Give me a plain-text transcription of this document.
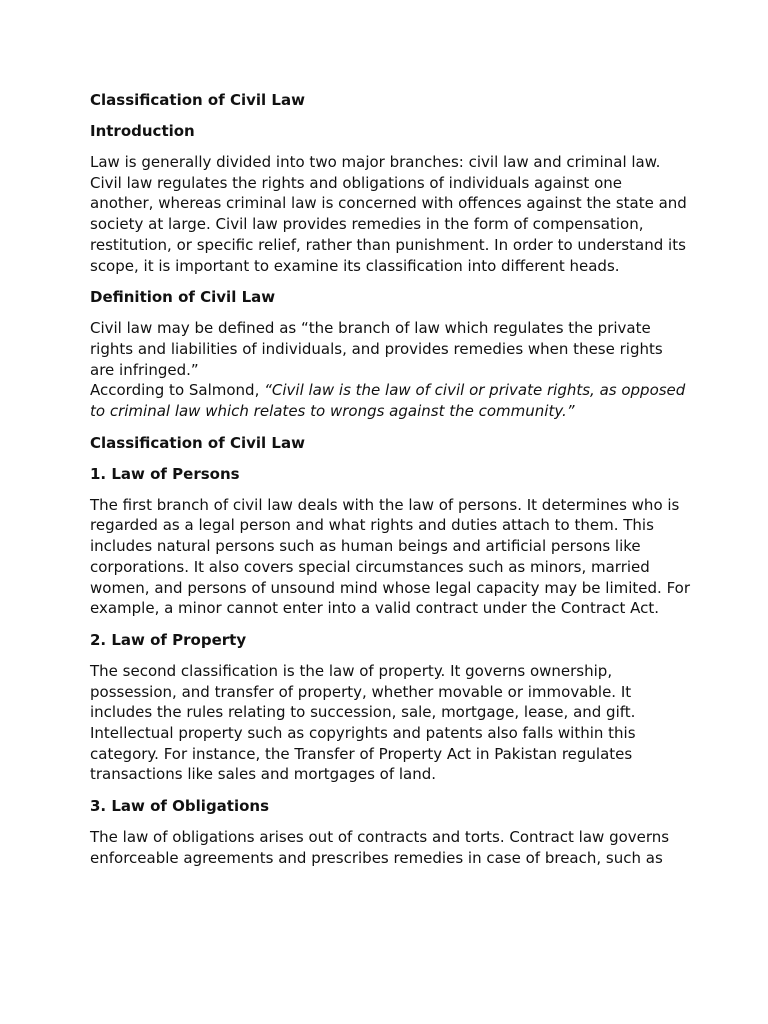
Classification of Civil Law
Introduction
Law is generally divided into two major branches: civil law and criminal law. Civil law regulates the rights and obligations of individuals against one another, whereas criminal law is concerned with offences against the state and society at large. Civil law provides remedies in the form of compensation, restitution, or specific relief, rather than punishment. In order to understand its scope, it is important to examine its classification into different heads.
Definition of Civil Law
Civil law may be defined as “the branch of law which regulates the private rights and liabilities of individuals, and provides remedies when these rights are infringed.”
According to Salmond, “Civil law is the law of civil or private rights, as opposed to criminal law which relates to wrongs against the community.”
Classification of Civil Law
1. Law of Persons
The first branch of civil law deals with the law of persons. It determines who is regarded as a legal person and what rights and duties attach to them. This includes natural persons such as human beings and artificial persons like corporations. It also covers special circumstances such as minors, married women, and persons of unsound mind whose legal capacity may be limited. For example, a minor cannot enter into a valid contract under the Contract Act.
2. Law of Property
The second classification is the law of property. It governs ownership, possession, and transfer of property, whether movable or immovable. It includes the rules relating to succession, sale, mortgage, lease, and gift. Intellectual property such as copyrights and patents also falls within this category. For instance, the Transfer of Property Act in Pakistan regulates transactions like sales and mortgages of land.
3. Law of Obligations
The law of obligations arises out of contracts and torts. Contract law governs enforceable agreements and prescribes remedies in case of breach, such as
